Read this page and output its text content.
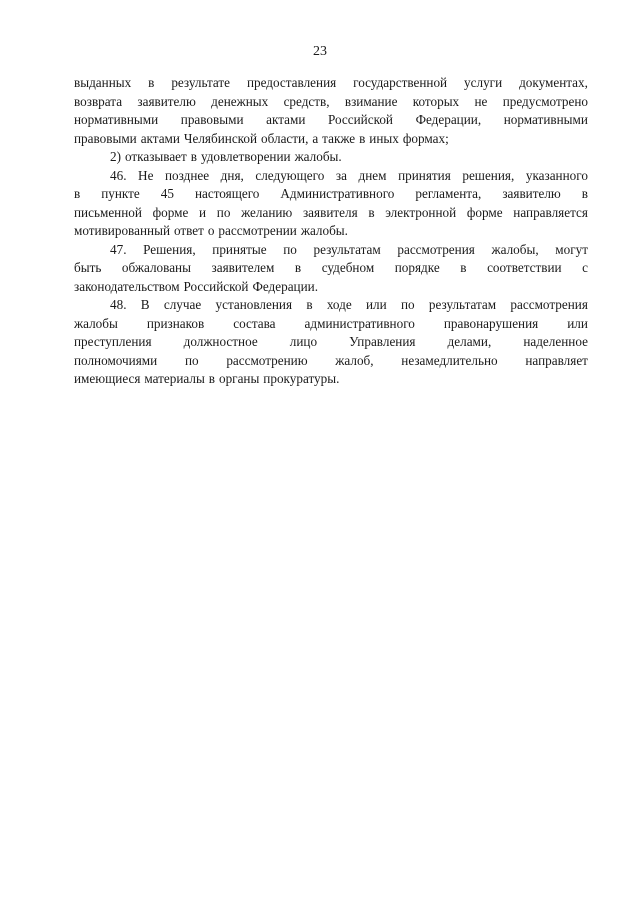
23
выданных в результате предоставления государственной услуги документах,
возврата заявителю денежных средств, взимание которых не предусмотрено
нормативными правовыми актами Российской Федерации, нормативными
правовыми актами Челябинской области, а также в иных формах;
2) отказывает в удовлетворении жалобы.
46. Не позднее дня, следующего за днем принятия решения, указанного
в пункте 45 настоящего Административного регламента, заявителю в
письменной форме и по желанию заявителя в электронной форме направляется
мотивированный ответ о рассмотрении жалобы.
47. Решения, принятые по результатам рассмотрения жалобы, могут
быть обжалованы заявителем в судебном порядке в соответствии с
законодательством Российской Федерации.
48. В случае установления в ходе или по результатам рассмотрения
жалобы признаков состава административного правонарушения или
преступления должностное лицо Управления делами, наделенное
полномочиями по рассмотрению жалоб, незамедлительно направляет
имеющиеся материалы в органы прокуратуры.
